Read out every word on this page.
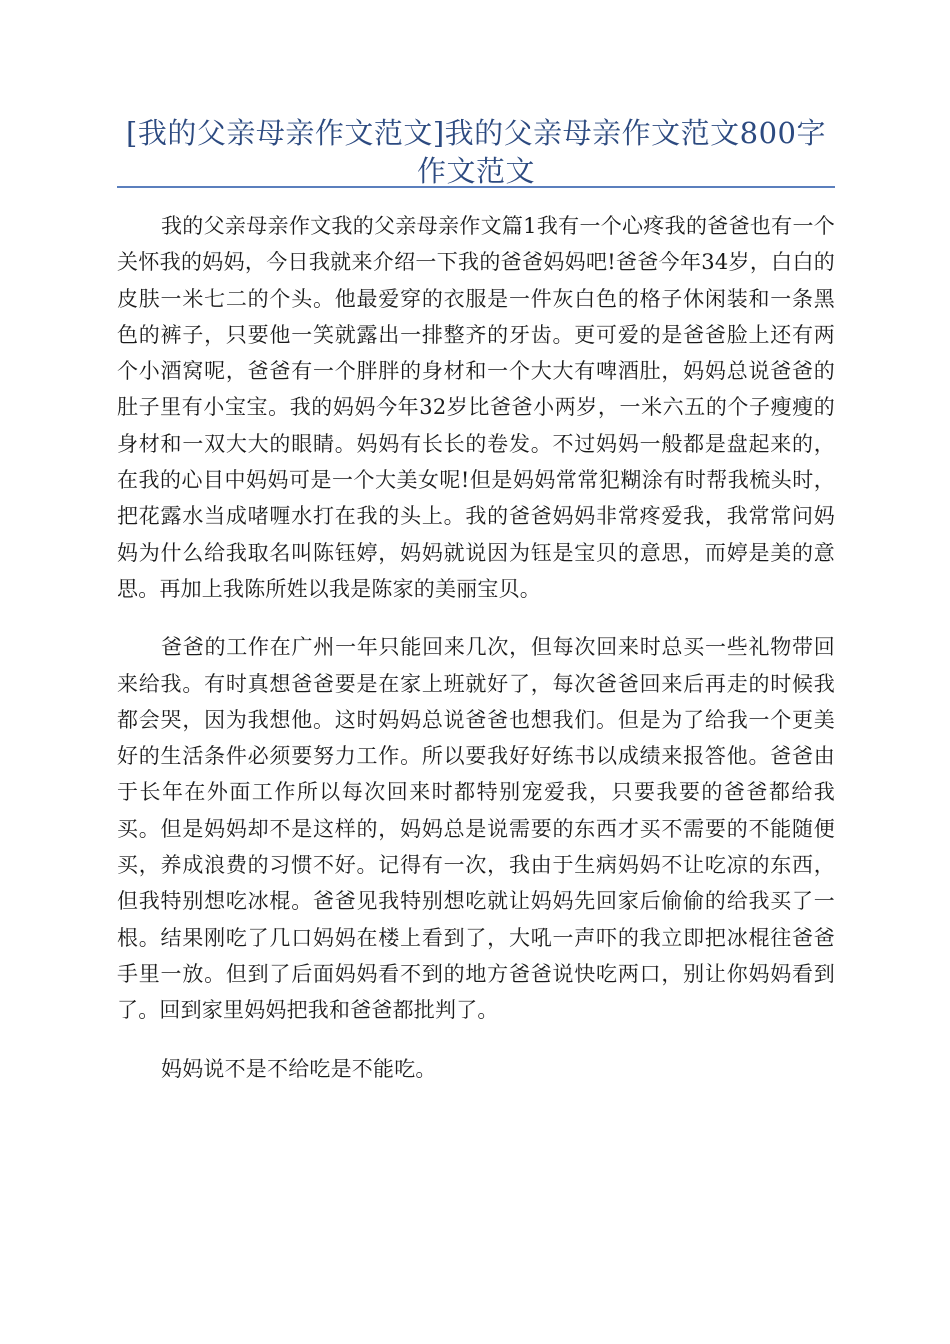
[我的父亲母亲作文范文]我的父亲母亲作文范文800字作文范文

我的父亲母亲作文我的父亲母亲作文篇1我有一个心疼我的爸爸也有一个关怀我的妈妈，今日我就来介绍一下我的爸爸妈妈吧!爸爸今年34岁，白白的皮肤一米七二的个头。他最爱穿的衣服是一件灰白色的格子休闲装和一条黑色的裤子，只要他一笑就露出一排整齐的牙齿。更可爱的是爸爸脸上还有两个小酒窝呢，爸爸有一个胖胖的身材和一个大大有啤酒肚，妈妈总说爸爸的肚子里有小宝宝。我的妈妈今年32岁比爸爸小两岁，一米六五的个子瘦瘦的身材和一双大大的眼睛。妈妈有长长的卷发。不过妈妈一般都是盘起来的，在我的心目中妈妈可是一个大美女呢!但是妈妈常常犯糊涂有时帮我梳头时，把花露水当成啫喱水打在我的头上。我的爸爸妈妈非常疼爱我，我常常问妈妈为什么给我取名叫陈钰婷，妈妈就说因为钰是宝贝的意思，而婷是美的意思。再加上我陈所姓以我是陈家的美丽宝贝。

爸爸的工作在广州一年只能回来几次，但每次回来时总买一些礼物带回来给我。有时真想爸爸要是在家上班就好了，每次爸爸回来后再走的时候我都会哭，因为我想他。这时妈妈总说爸爸也想我们。但是为了给我一个更美好的生活条件必须要努力工作。所以要我好好练书以成绩来报答他。爸爸由于长年在外面工作所以每次回来时都特别宠爱我，只要我要的爸爸都给我买。但是妈妈却不是这样的，妈妈总是说需要的东西才买不需要的不能随便买，养成浪费的习惯不好。记得有一次，我由于生病妈妈不让吃凉的东西，但我特别想吃冰棍。爸爸见我特别想吃就让妈妈先回家后偷偷的给我买了一根。结果刚吃了几口妈妈在楼上看到了，大吼一声吓的我立即把冰棍往爸爸手里一放。但到了后面妈妈看不到的地方爸爸说快吃两口，别让你妈妈看到了。回到家里妈妈把我和爸爸都批判了。

妈妈说不是不给吃是不能吃。
